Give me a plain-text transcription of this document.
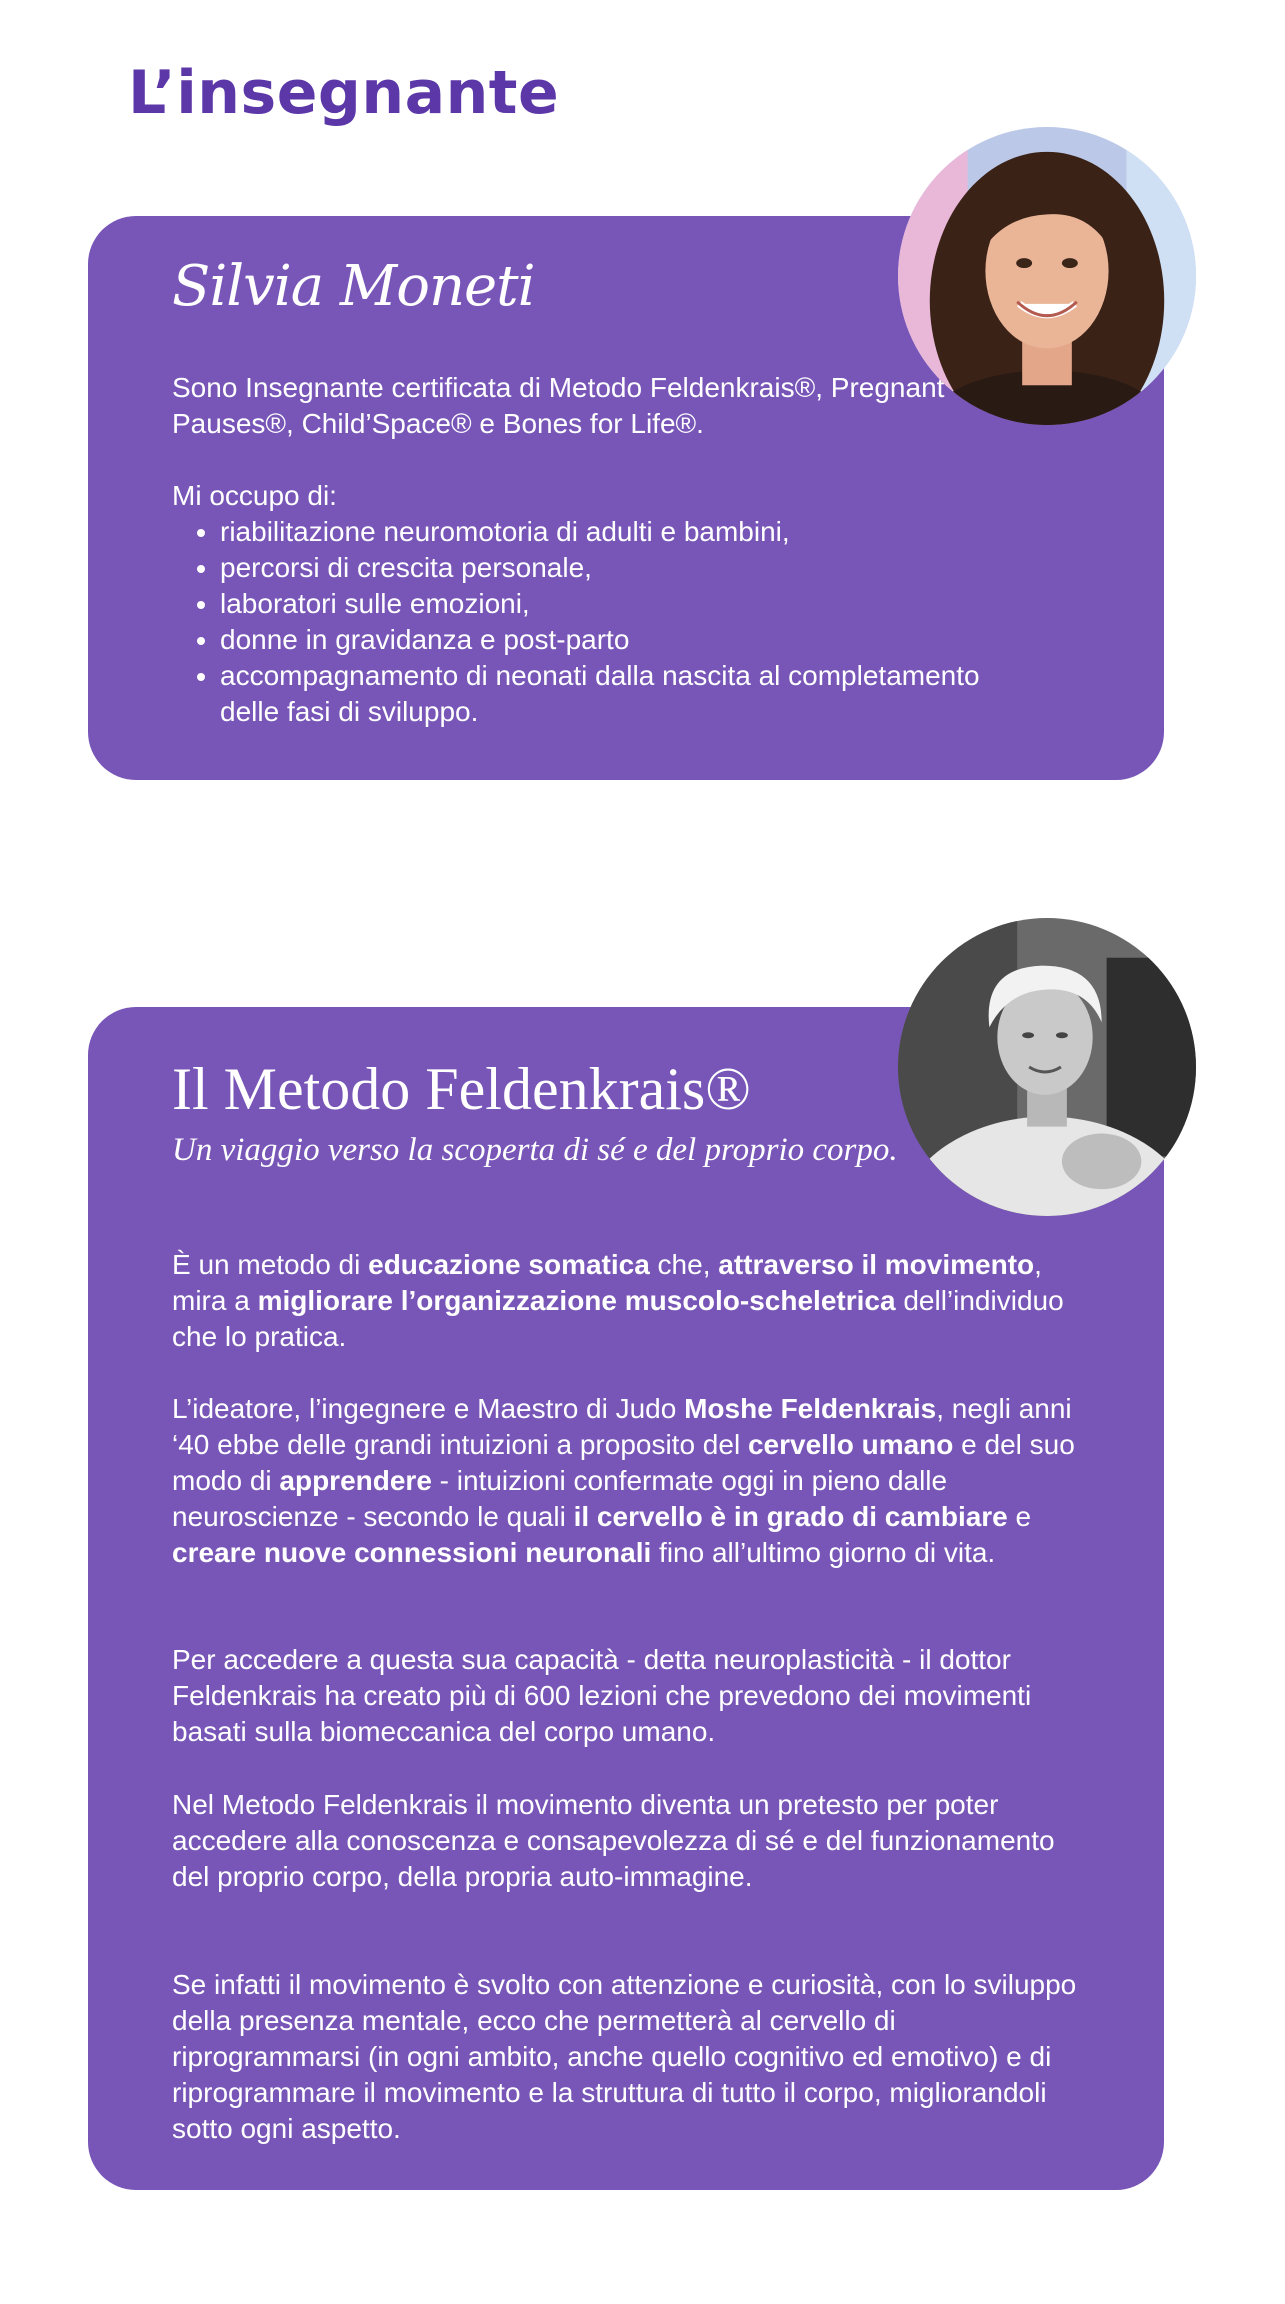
L’insegnante
Silvia Moneti

Sono Insegnante certificata di Metodo Feldenkrais®, Pregnant Pauses®, Child’Space® e Bones for Life®.

Mi occupo di:

• riabilitazione neuromotoria di adulti e bambini,
• percorsi di crescita personale,
• laboratori sulle emozioni,
• donne in gravidanza e post-parto
• accompagnamento di neonati dalla nascita al completamento delle fasi di sviluppo.
Il Metodo Feldenkrais®

Un viaggio verso la scoperta di sé e del proprio corpo.

È un metodo di educazione somatica che, attraverso il movimento, mira a migliorare l’organizzazione muscolo-scheletrica dell’individuo che lo pratica.

L’ideatore, l’ingegnere e Maestro di Judo Moshe Feldenkrais, negli anni ‘40 ebbe delle grandi intuizioni a proposito del cervello umano e del suo modo di apprendere - intuizioni confermate oggi in pieno dalle neuroscienze - secondo le quali il cervello è in grado di cambiare e creare nuove connessioni neuronali fino all’ultimo giorno di vita.

Per accedere a questa sua capacità - detta neuroplasticità - il dottor Feldenkrais ha creato più di 600 lezioni che prevedono dei movimenti basati sulla biomeccanica del corpo umano.

Nel Metodo Feldenkrais il movimento diventa un pretesto per poter accedere alla conoscenza e consapevolezza di sé e del funzionamento del proprio corpo, della propria auto-immagine.

Se infatti il movimento è svolto con attenzione e curiosità, con lo sviluppo della presenza mentale, ecco che permetterà al cervello di riprogrammarsi (in ogni ambito, anche quello cognitivo ed emotivo) e di riprogrammare il movimento e la struttura di tutto il corpo, migliorandoli sotto ogni aspetto.
